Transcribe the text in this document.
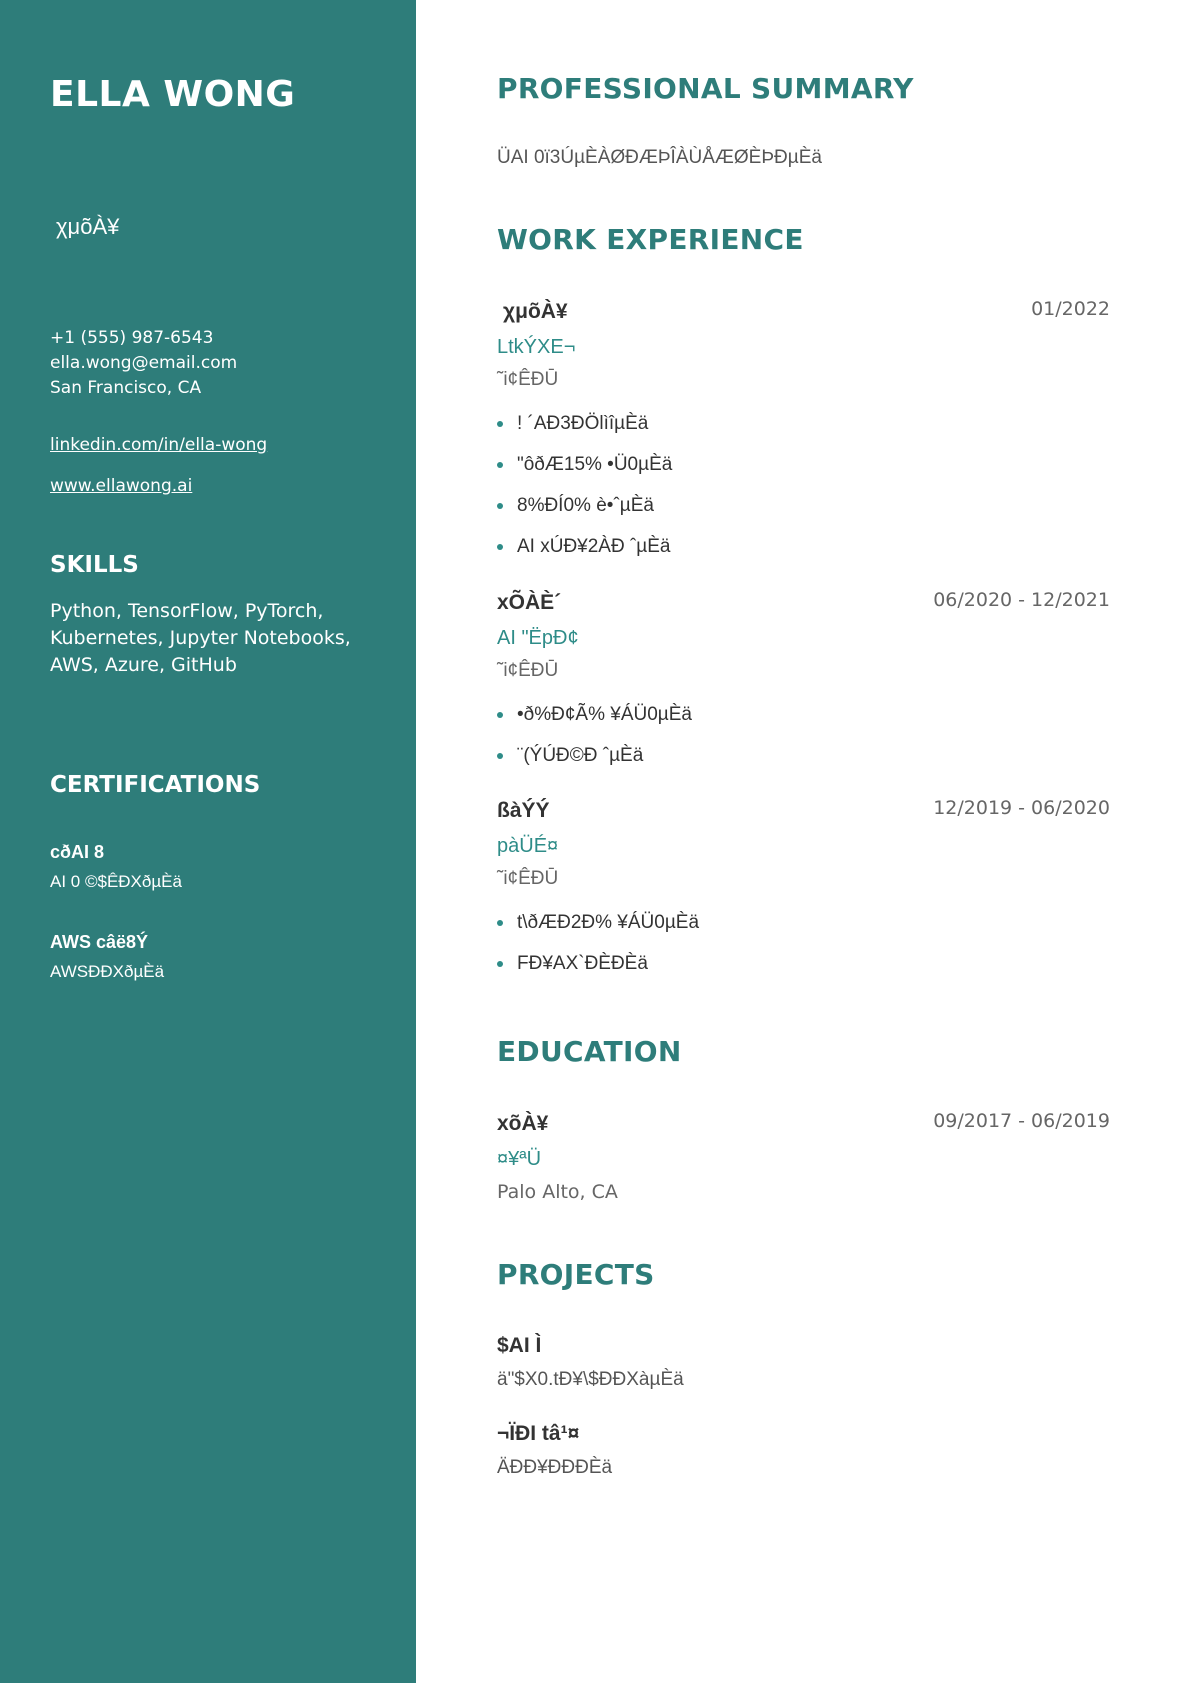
ELLA WONG
χμõÀ¥
+1 (555) 987-6543
ella.wong@email.com
San Francisco, CA
linkedin.com/in/ella-wong
www.ellawong.ai
SKILLS

Python, TensorFlow, PyTorch, Kubernetes, Jupyter Notebooks, AWS, Azure, GitHub

CERTIFICATIONS
cðAI 8
AI 0 ©$ÊÐXðµÈä
AWS câë8Ý
AWSÐÐXðµÈä
PROFESSIONAL SUMMARY
ÜAI 0ï3ÚµÈÀØÐÆÞÎÀÙÅÆØÈÞÐµÈä
WORK EXPERIENCE
χμõÀ¥	01/2022
LtkÝXЕ¬
˜i¢ÊÐŪ
! ´AÐ3ÐÖlìîµÈä
"ôðÆ15% •Ü0µÈä
8%ÐÍ0% è•ˆµÈä
AI xÚÐ¥2ÀÐ ˆµÈä
xÕÀÈ´	06/2020 - 12/2021
AI "ËpÐ¢
˜i¢ÊÐŪ
•ð%Ð¢Ã% ¥ÁÜ0µÈä
¨(ÝÚÐ©Ð ˆµÈä
ßàÝÝ	12/2019 - 06/2020
pàÜÉ¤
˜i¢ÊÐŪ
t\ðÆÐ2Ð% ¥ÁÜ0µÈä
FÐ¥AX`ÐÈÐÈä
EDUCATION
xõÀ¥	09/2017 - 06/2019
¤¥ªÜ
Palo Alto, CA
PROJECTS
$AI Ì
ä"$X0.tÐ¥\$ÐÐXàµÈä
¬ÏÐI tâ¹¤
ÄÐÐ¥ÐÐÐÈä
